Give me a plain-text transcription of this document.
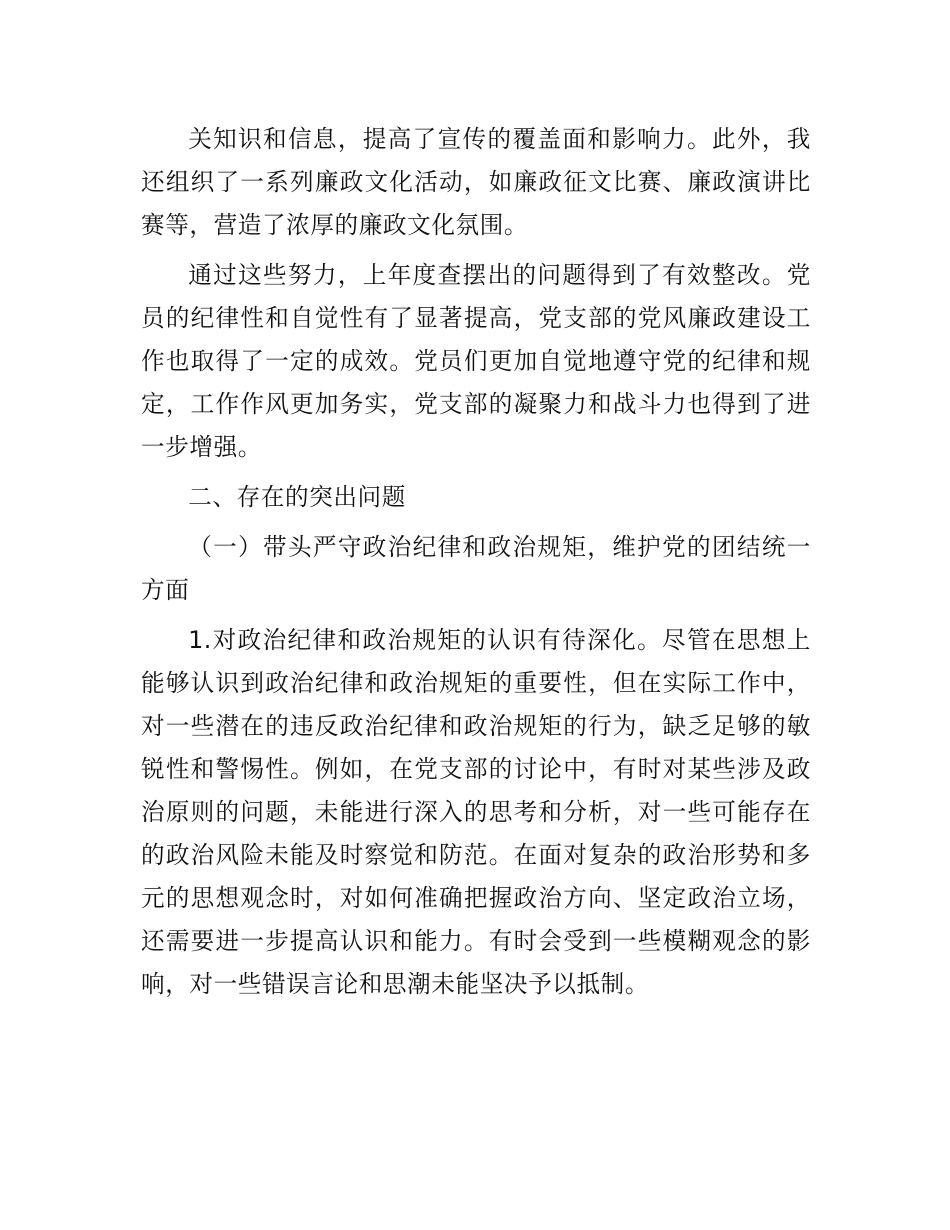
关知识和信息，提高了宣传的覆盖面和影响力。此外，我还组织了一系列廉政文化活动，如廉政征文比赛、廉政演讲比赛等，营造了浓厚的廉政文化氛围。

通过这些努力，上年度查摆出的问题得到了有效整改。党员的纪律性和自觉性有了显著提高，党支部的党风廉政建设工作也取得了一定的成效。党员们更加自觉地遵守党的纪律和规定，工作作风更加务实，党支部的凝聚力和战斗力也得到了进一步增强。

二、存在的突出问题

（一）带头严守政治纪律和政治规矩，维护党的团结统一方面

1.对政治纪律和政治规矩的认识有待深化。尽管在思想上能够认识到政治纪律和政治规矩的重要性，但在实际工作中，对一些潜在的违反政治纪律和政治规矩的行为，缺乏足够的敏锐性和警惕性。例如，在党支部的讨论中，有时对某些涉及政治原则的问题，未能进行深入的思考和分析，对一些可能存在的政治风险未能及时察觉和防范。在面对复杂的政治形势和多元的思想观念时，对如何准确把握政治方向、坚定政治立场，还需要进一步提高认识和能力。有时会受到一些模糊观念的影响，对一些错误言论和思潮未能坚决予以抵制。
